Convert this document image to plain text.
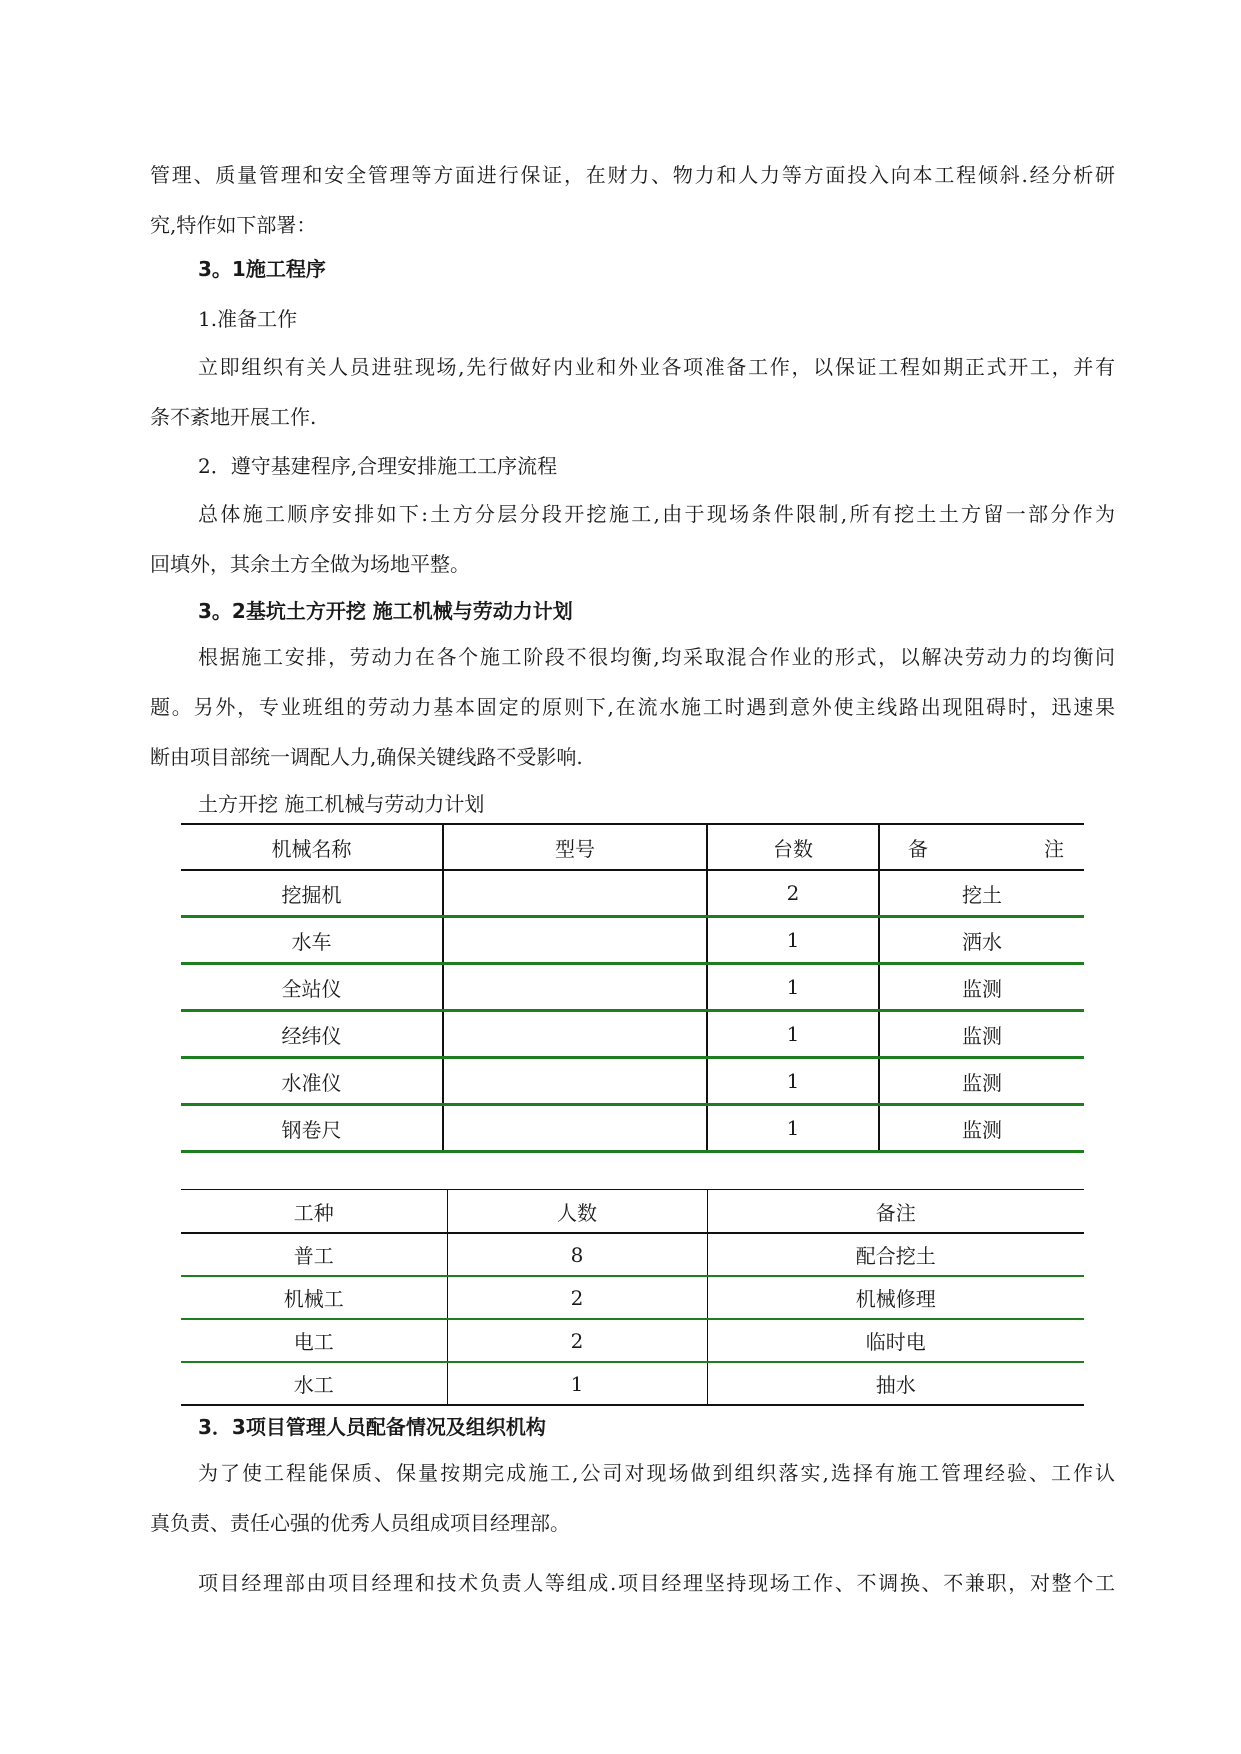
管理、质量管理和安全管理等方面进行保证，在财力、物力和人力等方面投入向本工程倾斜.经分析研
究,特作如下部署：

3。1施工程序

1.准备工作

立即组织有关人员进驻现场,先行做好内业和外业各项准备工作，以保证工程如期正式开工，并有
条不紊地开展工作.

2．遵守基建程序,合理安排施工工序流程

总体施工顺序安排如下:土方分层分段开挖施工,由于现场条件限制,所有挖土土方留一部分作为
回填外，其余土方全做为场地平整。

3。2基坑土方开挖 施工机械与劳动力计划

根据施工安排，劳动力在各个施工阶段不很均衡,均采取混合作业的形式，以解决劳动力的均衡问
题。另外，专业班组的劳动力基本固定的原则下,在流水施工时遇到意外使主线路出现阻碍时，迅速果
断由项目部统一调配人力,确保关键线路不受影响.

土方开挖 施工机械与劳动力计划

机械名称	型号	台数	备 注

挖掘机		2	挖土
水车		1	洒水
全站仪		1	监测
经纬仪		1	监测
水准仪		1	监测
钢卷尺		1	监测
工种	人数	备注
普工	8	配合挖土
机械工	2	机械修理
电工	2	临时电
水工	1	抽水

3．3项目管理人员配备情况及组织机构

为了使工程能保质、保量按期完成施工,公司对现场做到组织落实,选择有施工管理经验、工作认
真负责、责任心强的优秀人员组成项目经理部。
项目经理部由项目经理和技术负责人等组成.项目经理坚持现场工作、不调换、不兼职，对整个工
